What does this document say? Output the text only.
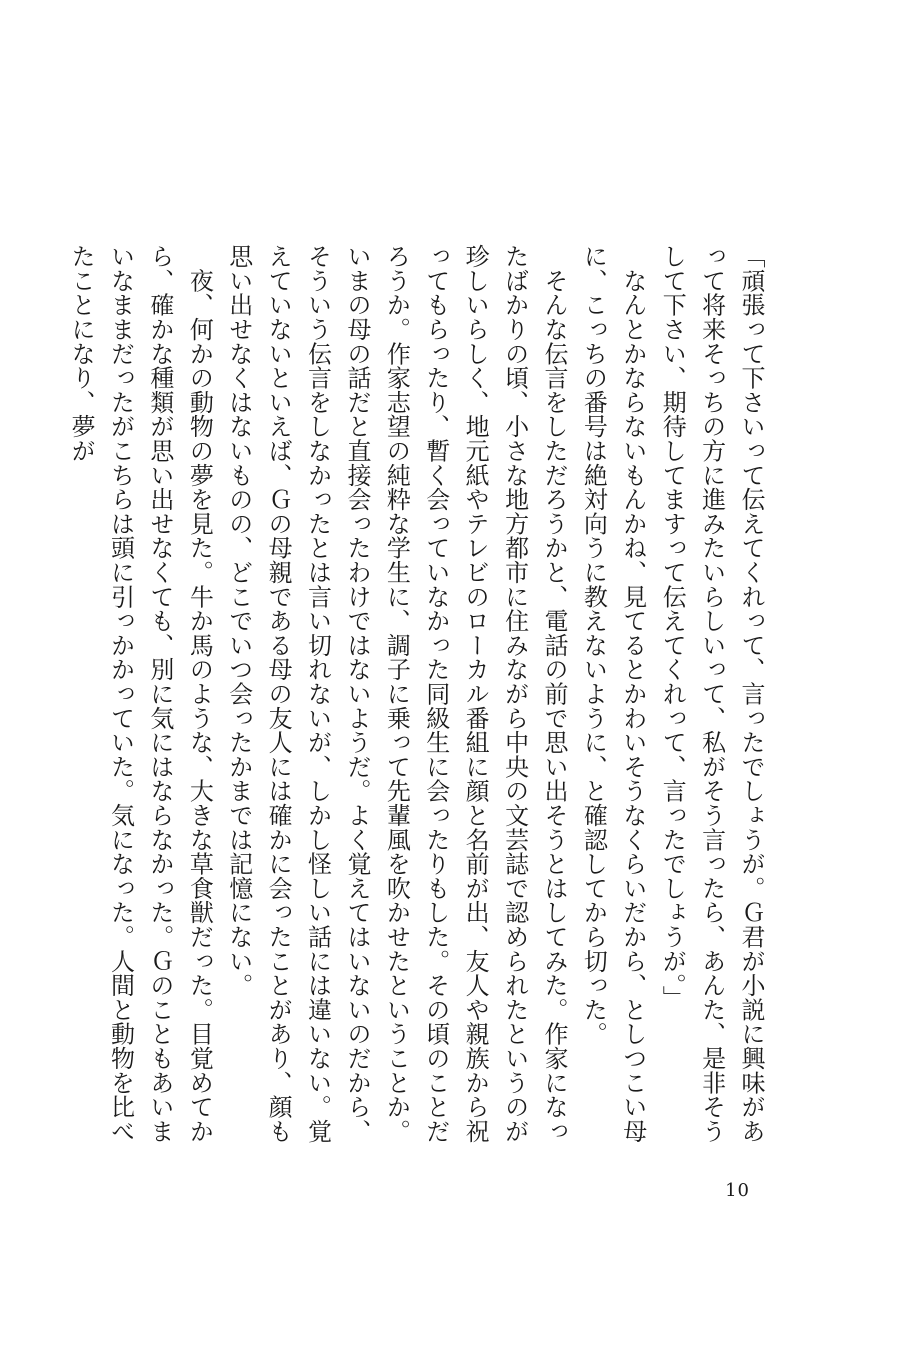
「頑張って下さいって伝えてくれって、言ったでしょうが。Ｇ君が小説に興味があって将来そっちの方に進みたいらしいって、私がそう言ったら、あんた、是非そうして下さい、期待してますって伝えてくれって、言ったでしょうが。」

　なんとかならないもんかね、見てるとかわいそうなくらいだから、としつこい母に、こっちの番号は絶対向うに教えないように、と確認してから切った。

　そんな伝言をしただろうかと、電話の前で思い出そうとはしてみた。作家になったばかりの頃、小さな地方都市に住みながら中央の文芸誌で認められたというのが珍しいらしく、地元紙やテレビのローカル番組に顔と名前が出、友人や親族から祝ってもらったり、暫く会っていなかった同級生に会ったりもした。その頃のことだろうか。作家志望の純粋な学生に、調子に乗って先輩風を吹かせたということか。いまの母の話だと直接会ったわけではないようだ。よく覚えてはいないのだから、そういう伝言をしなかったとは言い切れないが、しかし怪しい話には違いない。覚えていないといえば、Ｇの母親である母の友人には確かに会ったことがあり、顔も思い出せなくはないものの、どこでいつ会ったかまでは記憶にない。

　夜、何かの動物の夢を見た。牛か馬のような、大きな草食獣だった。目覚めてから、確かな種類が思い出せなくても、別に気にはならなかった。Ｇのこともあいまいなままだったがこちらは頭に引っかかっていた。気になった。人間と動物を比べたことになり、夢が

10
